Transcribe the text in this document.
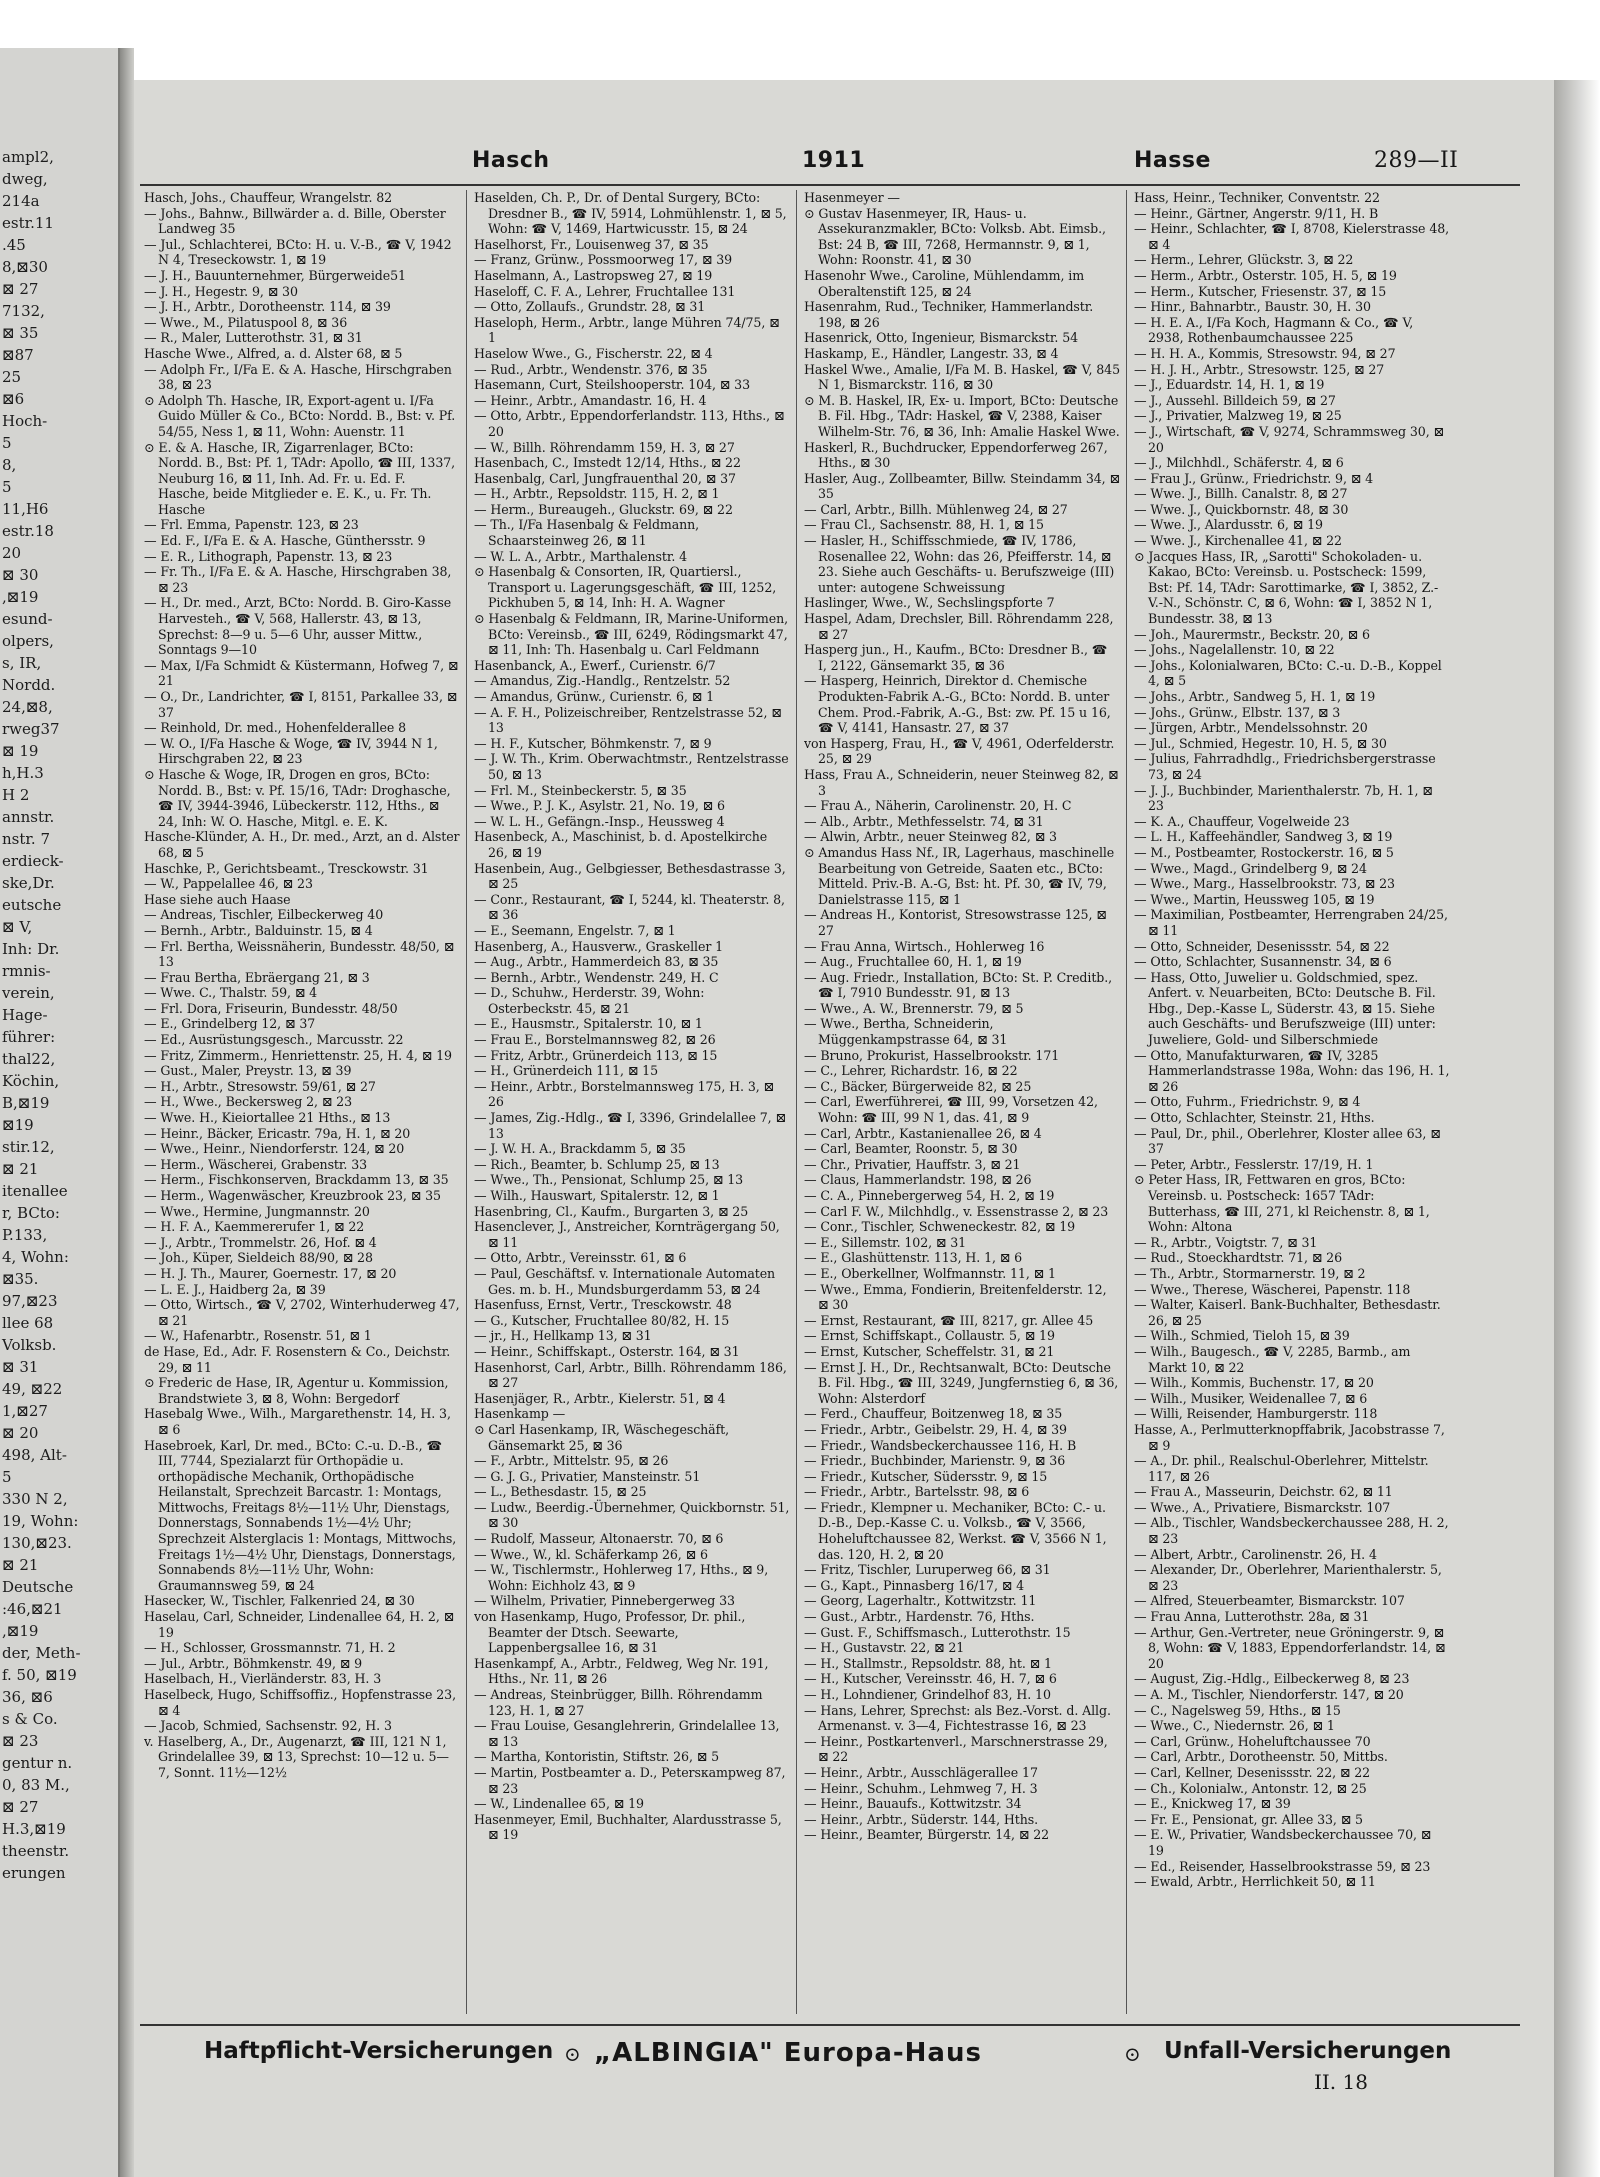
ampl2,
dweg,
214a
estr.11
.45
8,⊠30
⊠ 27
7132,
⊠ 35
⊠87
25
⊠6
Hoch-
5
8,
5
11,H6
estr.18
20
⊠ 30
,⊠19
esund-
olpers,
s, IR,
Nordd.
24,⊠8,
rweg37
⊠ 19
h,H.3
H 2
annstr.
nstr. 7
erdieck-
ske,Dr.
eutsche
⊠ V,
Inh: Dr.
rmnis-
verein,
Hage-
führer:
thal22,
Köchin,
B,⊠19
⊠19
stir.12,
⊠ 21
itenallee
r, BCto:
P.133,
4, Wohn:
⊠35.
97,⊠23
llee 68
Volksb.
⊠ 31
49, ⊠22
1,⊠27
⊠ 20
498, Alt-
5
330 N 2,
19, Wohn:
130,⊠23.
⊠ 21
Deutsche
:46,⊠21
,⊠19
der, Meth-
f. 50, ⊠19
36, ⊠6
s & Co.
⊠ 23
gentur n.
0, 83 M.,
⊠ 27
H.3,⊠19
theenstr.
erungen
Hasch	1911	Hasse	289—II

Hasch, Johs., Chauffeur, Wrangelstr. 82

— Johs., Bahnw., Billwärder a. d. Bille, Oberster Landweg 35

— Jul., Schlachterei, BCto: H. u. V.-B., ☎ V, 1942 N 4, Treseckowstr. 1, ⊠ 19

— J. H., Bauunternehmer, Bürgerweide51

— J. H., Hegestr. 9, ⊠ 30

— J. H., Arbtr., Dorotheenstr. 114, ⊠ 39

— Wwe., M., Pilatuspool 8, ⊠ 36

— R., Maler, Lutterothstr. 31, ⊠ 31

Hasche Wwe., Alfred, a. d. Alster 68, ⊠ 5

— Adolph Fr., I/Fa E. & A. Hasche, Hirschgraben 38, ⊠ 23

⊙ Adolph Th. Hasche, IR, Export-agent u. I/Fa Guido Müller & Co., BCto: Nordd. B., Bst: v. Pf. 54/55, Ness 1, ⊠ 11, Wohn: Auenstr. 11

⊙ E. & A. Hasche, IR, Zigarrenlager, BCto: Nordd. B., Bst: Pf. 1, TAdr: Apollo, ☎ III, 1337, Neuburg 16, ⊠ 11, Inh. Ad. Fr. u. Ed. F. Hasche, beide Mitglieder e. E. K., u. Fr. Th. Hasche

— Frl. Emma, Papenstr. 123, ⊠ 23

— Ed. F., I/Fa E. & A. Hasche, Günthersstr. 9

— E. R., Lithograph, Papenstr. 13, ⊠ 23

— Fr. Th., I/Fa E. & A. Hasche, Hirschgraben 38, ⊠ 23

— H., Dr. med., Arzt, BCto: Nordd. B. Giro-Kasse Harvesteh., ☎ V, 568, Hallerstr. 43, ⊠ 13, Sprechst: 8—9 u. 5—6 Uhr, ausser Mittw., Sonntags 9—10

— Max, I/Fa Schmidt & Küstermann, Hofweg 7, ⊠ 21

— O., Dr., Landrichter, ☎ I, 8151, Parkallee 33, ⊠ 37

— Reinhold, Dr. med., Hohenfelderallee 8

— W. O., I/Fa Hasche & Woge, ☎ IV, 3944 N 1, Hirschgraben 22, ⊠ 23

⊙ Hasche & Woge, IR, Drogen en gros, BCto: Nordd. B., Bst: v. Pf. 15/16, TAdr: Droghasche, ☎ IV, 3944-3946, Lübeckerstr. 112, Hths., ⊠ 24, Inh: W. O. Hasche, Mitgl. e. E. K.

Hasche-Klünder, A. H., Dr. med., Arzt, an d. Alster 68, ⊠ 5

Haschke, P., Gerichtsbeamt., Tresckowstr. 31

— W., Pappelallee 46, ⊠ 23

Hase siehe auch Haase

— Andreas, Tischler, Eilbeckerweg 40

— Bernh., Arbtr., Balduinstr. 15, ⊠ 4

— Frl. Bertha, Weissnäherin, Bundesstr. 48/50, ⊠ 13

— Frau Bertha, Ebräergang 21, ⊠ 3

— Wwe. C., Thalstr. 59, ⊠ 4

— Frl. Dora, Friseurin, Bundesstr. 48/50

— E., Grindelberg 12, ⊠ 37

— Ed., Ausrüstungsgesch., Marcusstr. 22

— Fritz, Zimmerm., Henriettenstr. 25, H. 4, ⊠ 19

— Gust., Maler, Preystr. 13, ⊠ 39

— H., Arbtr., Stresowstr. 59/61, ⊠ 27

— H., Wwe., Beckersweg 2, ⊠ 23

— Wwe. H., Kieiortallee 21 Hths., ⊠ 13

— Heinr., Bäcker, Ericastr. 79a, H. 1, ⊠ 20

— Wwe., Heinr., Niendorferstr. 124, ⊠ 20

— Herm., Wäscherei, Grabenstr. 33

— Herm., Fischkonserven, Brackdamm 13, ⊠ 35

— Herm., Wagenwäscher, Kreuzbrook 23, ⊠ 35

— Wwe., Hermine, Jungmannstr. 20

— H. F. A., Kaemmererufer 1, ⊠ 22

— J., Arbtr., Trommelstr. 26, Hof. ⊠ 4

— Joh., Küper, Sieldeich 88/90, ⊠ 28

— H. J. Th., Maurer, Goernestr. 17, ⊠ 20

— L. E. J., Haidberg 2a, ⊠ 39

— Otto, Wirtsch., ☎ V, 2702, Winterhuderweg 47, ⊠ 21

— W., Hafenarbtr., Rosenstr. 51, ⊠ 1

de Hase, Ed., Adr. F. Rosenstern & Co., Deichstr. 29, ⊠ 11

⊙ Frederic de Hase, IR, Agentur u. Kommission, Brandstwiete 3, ⊠ 8, Wohn: Bergedorf

Hasebalg Wwe., Wilh., Margarethenstr. 14, H. 3, ⊠ 6

Hasebroek, Karl, Dr. med., BCto: C.-u. D.-B., ☎ III, 7744, Spezialarzt für Orthopädie u. orthopädische Mechanik, Orthopädische Heilanstalt, Sprechzeit Barcastr. 1: Montags, Mittwochs, Freitags 8½—11½ Uhr, Dienstags, Donnerstags, Sonnabends 1½—4½ Uhr; Sprechzeit Alsterglacis 1: Montags, Mittwochs, Freitags 1½—4½ Uhr, Dienstags, Donnerstags, Sonnabends 8½—11½ Uhr, Wohn: Graumannsweg 59, ⊠ 24

Hasecker, W., Tischler, Falkenried 24, ⊠ 30

Haselau, Carl, Schneider, Lindenallee 64, H. 2, ⊠ 19

— H., Schlosser, Grossmannstr. 71, H. 2

— Jul., Arbtr., Böhmkenstr. 49, ⊠ 9

Haselbach, H., Vierländerstr. 83, H. 3

Haselbeck, Hugo, Schiffsoffiz., Hopfenstrasse 23, ⊠ 4

— Jacob, Schmied, Sachsenstr. 92, H. 3

v. Haselberg, A., Dr., Augenarzt, ☎ III, 121 N 1, Grindelallee 39, ⊠ 13, Sprechst: 10—12 u. 5—7, Sonnt. 11½—12½

Haselden, Ch. P., Dr. of Dental Surgery, BCto: Dresdner B., ☎ IV, 5914, Lohmühlenstr. 1, ⊠ 5, Wohn: ☎ V, 1469, Hartwicusstr. 15, ⊠ 24

Haselhorst, Fr., Louisenweg 37, ⊠ 35

— Franz, Grünw., Possmoorweg 17, ⊠ 39

Haselmann, A., Lastropsweg 27, ⊠ 19

Haseloff, C. F. A., Lehrer, Fruchtallee 131

— Otto, Zollaufs., Grundstr. 28, ⊠ 31

Haseloph, Herm., Arbtr., lange Mühren 74/75, ⊠ 1

Haselow Wwe., G., Fischerstr. 22, ⊠ 4

— Rud., Arbtr., Wendenstr. 376, ⊠ 35

Hasemann, Curt, Steilshooperstr. 104, ⊠ 33

— Heinr., Arbtr., Amandastr. 16, H. 4

— Otto, Arbtr., Eppendorferlandstr. 113, Hths., ⊠ 20

— W., Billh. Röhrendamm 159, H. 3, ⊠ 27

Hasenbach, C., Imstedt 12/14, Hths., ⊠ 22

Hasenbalg, Carl, Jungfrauenthal 20, ⊠ 37

— H., Arbtr., Repsoldstr. 115, H. 2, ⊠ 1

— Herm., Bureaugeh., Gluckstr. 69, ⊠ 22

— Th., I/Fa Hasenbalg & Feldmann, Schaarsteinweg 26, ⊠ 11

— W. L. A., Arbtr., Marthalenstr. 4

⊙ Hasenbalg & Consorten, IR, Quartiersl., Transport u. Lagerungsgeschäft, ☎ III, 1252, Pickhuben 5, ⊠ 14, Inh: H. A. Wagner

⊙ Hasenbalg & Feldmann, IR, Marine-Uniformen, BCto: Vereinsb., ☎ III, 6249, Rödingsmarkt 47, ⊠ 11, Inh: Th. Hasenbalg u. Carl Feldmann

Hasenbanck, A., Ewerf., Curienstr. 6/7

— Amandus, Zig.-Handlg., Rentzelstr. 52

— Amandus, Grünw., Curienstr. 6, ⊠ 1

— A. F. H., Polizeischreiber, Rentzelstrasse 52, ⊠ 13

— H. F., Kutscher, Böhmkenstr. 7, ⊠ 9

— J. W. Th., Krim. Oberwachtmstr., Rentzelstrasse 50, ⊠ 13

— Frl. M., Steinbeckerstr. 5, ⊠ 35

— Wwe., P. J. K., Asylstr. 21, No. 19, ⊠ 6

— W. L. H., Gefängn.-Insp., Heussweg 4

Hasenbeck, A., Maschinist, b. d. Apostelkirche 26, ⊠ 19

Hasenbein, Aug., Gelbgiesser, Bethesdastrasse 3, ⊠ 25

— Conr., Restaurant, ☎ I, 5244, kl. Theaterstr. 8, ⊠ 36

— E., Seemann, Engelstr. 7, ⊠ 1

Hasenberg, A., Hausverw., Graskeller 1

— Aug., Arbtr., Hammerdeich 83, ⊠ 35

— Bernh., Arbtr., Wendenstr. 249, H. C

— D., Schuhw., Herderstr. 39, Wohn: Osterbeckstr. 45, ⊠ 21

— E., Hausmstr., Spitalerstr. 10, ⊠ 1

— Frau E., Borstelmannsweg 82, ⊠ 26

— Fritz, Arbtr., Grünerdeich 113, ⊠ 15

— H., Grünerdeich 111, ⊠ 15

— Heinr., Arbtr., Borstelmannsweg 175, H. 3, ⊠ 26

— James, Zig.-Hdlg., ☎ I, 3396, Grindelallee 7, ⊠ 13

— J. W. H. A., Brackdamm 5, ⊠ 35

— Rich., Beamter, b. Schlump 25, ⊠ 13

— Wwe., Th., Pensionat, Schlump 25, ⊠ 13

— Wilh., Hauswart, Spitalerstr. 12, ⊠ 1

Hasenbring, Cl., Kaufm., Burgarten 3, ⊠ 25

Hasenclever, J., Anstreicher, Kornträgergang 50, ⊠ 11

— Otto, Arbtr., Vereinsstr. 61, ⊠ 6

— Paul, Geschäftsf. v. Internationale Automaten Ges. m. b. H., Mundsburgerdamm 53, ⊠ 24

Hasenfuss, Ernst, Vertr., Tresckowstr. 48

— G., Kutscher, Fruchtallee 80/82, H. 15

— jr., H., Hellkamp 13, ⊠ 31

— Heinr., Schiffskapt., Osterstr. 164, ⊠ 31

Hasenhorst, Carl, Arbtr., Billh. Röhrendamm 186, ⊠ 27

Hasenjäger, R., Arbtr., Kielerstr. 51, ⊠ 4

Hasenkamp —

⊙ Carl Hasenkamp, IR, Wäschegeschäft, Gänsemarkt 25, ⊠ 36

— F., Arbtr., Mittelstr. 95, ⊠ 26

— G. J. G., Privatier, Mansteinstr. 51

— L., Bethesdastr. 15, ⊠ 25

— Ludw., Beerdig.-Übernehmer, Quickbornstr. 51, ⊠ 30

— Rudolf, Masseur, Altonaerstr. 70, ⊠ 6

— Wwe., W., kl. Schäferkamp 26, ⊠ 6

— W., Tischlermstr., Hohlerweg 17, Hths., ⊠ 9, Wohn: Eichholz 43, ⊠ 9

— Wilhelm, Privatier, Pinnebergerweg 33

von Hasenkamp, Hugo, Professor, Dr. phil., Beamter der Dtsch. Seewarte, Lappenbergsallee 16, ⊠ 31

Hasenkampf, A., Arbtr., Feldweg, Weg Nr. 191, Hths., Nr. 11, ⊠ 26

— Andreas, Steinbrügger, Billh. Röhrendamm 123, H. 1, ⊠ 27

— Frau Louise, Gesanglehrerin, Grindelallee 13, ⊠ 13

— Martha, Kontoristin, Stiftstr. 26, ⊠ 5

— Martin, Postbeamter a. D., Petersкampweg 87, ⊠ 23

— W., Lindenallee 65, ⊠ 19

Hasenmeyer, Emil, Buchhalter, Alardusstrasse 5, ⊠ 19

Hasenmeyer —

⊙ Gustav Hasenmeyer, IR, Haus- u. Assekuranzmakler, BCto: Volksb. Abt. Eimsb., Bst: 24 B, ☎ III, 7268, Hermannstr. 9, ⊠ 1, Wohn: Roonstr. 41, ⊠ 30

Hasenohr Wwe., Caroline, Mühlendamm, im Oberaltenstift 125, ⊠ 24

Hasenrahm, Rud., Techniker, Hammerlandstr. 198, ⊠ 26

Hasenrick, Otto, Ingenieur, Bismarckstr. 54

Haskamp, E., Händler, Langestr. 33, ⊠ 4

Haskel Wwe., Amalie, I/Fa M. B. Haskel, ☎ V, 845 N 1, Bismarckstr. 116, ⊠ 30

⊙ M. B. Haskel, IR, Ex- u. Import, BCto: Deutsche B. Fil. Hbg., TAdr: Haskel, ☎ V, 2388, Kaiser Wilhelm-Str. 76, ⊠ 36, Inh: Amalie Haskel Wwe.

Haskerl, R., Buchdrucker, Eppendorferweg 267, Hths., ⊠ 30

Hasler, Aug., Zollbeamter, Billw. Steindamm 34, ⊠ 35

— Carl, Arbtr., Billh. Mühlenweg 24, ⊠ 27

— Frau Cl., Sachsenstr. 88, H. 1, ⊠ 15

— Hasler, H., Schiffsschmiede, ☎ IV, 1786, Rosenallee 22, Wohn: das 26, Pfeifferstr. 14, ⊠ 23. Siehe auch Geschäfts- u. Berufszweige (III) unter: autogene Schweissung

Haslinger, Wwe., W., Sechslingspforte 7

Haspel, Adam, Drechsler, Bill. Röhrendamm 228, ⊠ 27

Hasperg jun., H., Kaufm., BCto: Dresdner B., ☎ I, 2122, Gänsemarkt 35, ⊠ 36

— Hasperg, Heinrich, Direktor d. Chemische Produkten-Fabrik A.-G., BCto: Nordd. B. unter Chem. Prod.-Fabrik, A.-G., Bst: zw. Pf. 15 u 16, ☎ V, 4141, Hansastr. 27, ⊠ 37

von Hasperg, Frau, H., ☎ V, 4961, Oderfelderstr. 25, ⊠ 29

Hass, Frau A., Schneiderin, neuer Steinweg 82, ⊠ 3

— Frau A., Näherin, Carolinenstr. 20, H. C

— Alb., Arbtr., Methfesselstr. 74, ⊠ 31

— Alwin, Arbtr., neuer Steinweg 82, ⊠ 3

⊙ Amandus Hass Nf., IR, Lagerhaus, maschinelle Bearbeitung von Getreide, Saaten etc., BCto: Mitteld. Priv.-B. A.-G, Bst: ht. Pf. 30, ☎ IV, 79, Danielstrasse 115, ⊠ 1

— Andreas H., Kontorist, Stresowstrasse 125, ⊠ 27

— Frau Anna, Wirtsch., Hohlerweg 16

— Aug., Fruchtallee 60, H. 1, ⊠ 19

— Aug. Friedr., Installation, BCto: St. P. Creditb., ☎ I, 7910 Bundesstr. 91, ⊠ 13

— Wwe., A. W., Brennerstr. 79, ⊠ 5

— Wwe., Bertha, Schneiderin, Müggenkampstrasse 64, ⊠ 31

— Bruno, Prokurist, Hasselbrookstr. 171

— C., Lehrer, Richardstr. 16, ⊠ 22

— C., Bäcker, Bürgerweide 82, ⊠ 25

— Carl, Ewerführerei, ☎ III, 99, Vorsetzen 42, Wohn: ☎ III, 99 N 1, das. 41, ⊠ 9

— Carl, Arbtr., Kastanienallee 26, ⊠ 4

— Carl, Beamter, Roonstr. 5, ⊠ 30

— Chr., Privatier, Hauffstr. 3, ⊠ 21

— Claus, Hammerlandstr. 198, ⊠ 26

— C. A., Pinnebergerweg 54, H. 2, ⊠ 19

— Carl F. W., Milchhdlg., v. Essenstrasse 2, ⊠ 23

— Conr., Tischler, Schweneckestr. 82, ⊠ 19

— E., Sillemstr. 102, ⊠ 31

— E., Glashüttenstr. 113, H. 1, ⊠ 6

— E., Oberkellner, Wolfmannstr. 11, ⊠ 1

— Wwe., Emma, Fondierin, Breitenfelderstr. 12, ⊠ 30

— Ernst, Restaurant, ☎ III, 8217, gr. Allee 45

— Ernst, Schiffskapt., Collaustr. 5, ⊠ 19

— Ernst, Kutscher, Scheffelstr. 31, ⊠ 21

— Ernst J. H., Dr., Rechtsanwalt, BCto: Deutsche B. Fil. Hbg., ☎ III, 3249, Jungfernstieg 6, ⊠ 36, Wohn: Alsterdorf

— Ferd., Chauffeur, Boitzenweg 18, ⊠ 35

— Friedr., Arbtr., Geibelstr. 29, H. 4, ⊠ 39

— Friedr., Wandsbeckerchaussee 116, H. B

— Friedr., Buchbinder, Marienstr. 9, ⊠ 36

— Friedr., Kutscher, Südersstr. 9, ⊠ 15

— Friedr., Arbtr., Bartelsstr. 98, ⊠ 6

— Friedr., Klempner u. Mechaniker, BCto: C.- u. D.-B., Dep.-Kasse C. u. Volksb., ☎ V, 3566, Hoheluftchaussee 82, Werkst. ☎ V, 3566 N 1, das. 120, H. 2, ⊠ 20

— Fritz, Tischler, Luruperweg 66, ⊠ 31

— G., Kapt., Pinnasberg 16/17, ⊠ 4

— Georg, Lagerhaltr., Kottwitzstr. 11

— Gust., Arbtr., Hardenstr. 76, Hths.

— Gust. F., Schiffsmasch., Lutterothstr. 15

— H., Gustavstr. 22, ⊠ 21

— H., Stallmstr., Repsoldstr. 88, ht. ⊠ 1

— H., Kutscher, Vereinsstr. 46, H. 7, ⊠ 6

— H., Lohndiener, Grindelhof 83, H. 10

— Hans, Lehrer, Sprechst: als Bez.-Vorst. d. Allg. Armenanst. v. 3—4, Fichtestrasse 16, ⊠ 23

— Heinr., Postkartenverl., Marschnerstrasse 29, ⊠ 22

— Heinr., Arbtr., Ausschlägerallee 17

— Heinr., Schuhm., Lehmweg 7, H. 3

— Heinr., Bauaufs., Kottwitzstr. 34

— Heinr., Arbtr., Süderstr. 144, Hths.

— Heinr., Beamter, Bürgerstr. 14, ⊠ 22

Hass, Heinr., Techniker, Conventstr. 22

— Heinr., Gärtner, Angerstr. 9/11, H. B

— Heinr., Schlachter, ☎ I, 8708, Kielerstrasse 48, ⊠ 4

— Herm., Lehrer, Glückstr. 3, ⊠ 22

— Herm., Arbtr., Osterstr. 105, H. 5, ⊠ 19

— Herm., Kutscher, Friesenstr. 37, ⊠ 15

— Hinr., Bahnarbtr., Baustr. 30, H. 30

— H. E. A., I/Fa Koch, Hagmann & Co., ☎ V, 2938, Rothenbaumchaussee 225

— H. H. A., Kommis, Stresowstr. 94, ⊠ 27

— H. J. H., Arbtr., Stresowstr. 125, ⊠ 27

— J., Eduardstr. 14, H. 1, ⊠ 19

— J., Aussehl. Billdeich 59, ⊠ 27

— J., Privatier, Malzweg 19, ⊠ 25

— J., Wirtschaft, ☎ V, 9274, Schrammsweg 30, ⊠ 20

— J., Milchhdl., Schäferstr. 4, ⊠ 6

— Frau J., Grünw., Friedrichstr. 9, ⊠ 4

— Wwe. J., Billh. Canalstr. 8, ⊠ 27

— Wwe. J., Quickbornstr. 48, ⊠ 30

— Wwe. J., Alardusstr. 6, ⊠ 19

— Wwe. J., Kirchenallee 41, ⊠ 22

⊙ Jacques Hass, IR, „Sarotti" Schokoladen- u. Kakao, BCto: Vereinsb. u. Postscheck: 1599, Bst: Pf. 14, TAdr: Sarottimarke, ☎ I, 3852, Z.-V.-N., Schönstr. C, ⊠ 6, Wohn: ☎ I, 3852 N 1, Bundesstr. 38, ⊠ 13

— Joh., Maurermstr., Beckstr. 20, ⊠ 6

— Johs., Nagelallenstr. 10, ⊠ 22

— Johs., Kolonialwaren, BCto: C.-u. D.-B., Koppel 4, ⊠ 5

— Johs., Arbtr., Sandweg 5, H. 1, ⊠ 19

— Johs., Grünw., Elbstr. 137, ⊠ 3

— Jürgen, Arbtr., Mendelssohnstr. 20

— Jul., Schmied, Hegestr. 10, H. 5, ⊠ 30

— Julius, Fahrradhdlg., Friedrichsbergerstrasse 73, ⊠ 24

— J. J., Buchbinder, Marienthalerstr. 7b, H. 1, ⊠ 23

— K. A., Chauffeur, Vogelweide 23

— L. H., Kaffeehändler, Sandweg 3, ⊠ 19

— M., Postbeamter, Rostockerstr. 16, ⊠ 5

— Wwe., Magd., Grindelberg 9, ⊠ 24

— Wwe., Marg., Hasselbrookstr. 73, ⊠ 23

— Wwe., Martin, Heussweg 105, ⊠ 19

— Maximilian, Postbeamter, Herrengraben 24/25, ⊠ 11

— Otto, Schneider, Desenissstr. 54, ⊠ 22

— Otto, Schlachter, Susannenstr. 34, ⊠ 6

— Hass, Otto, Juwelier u. Goldschmied, spez. Anfert. v. Neuarbeiten, BCto: Deutsche B. Fil. Hbg., Dep.-Kasse L, Süderstr. 43, ⊠ 15. Siehe auch Geschäfts- und Berufszweige (III) unter: Juweliere, Gold- und Silberschmiede

— Otto, Manufakturwaren, ☎ IV, 3285 Hammerlandstrasse 198a, Wohn: das 196, H. 1, ⊠ 26

— Otto, Fuhrm., Friedrichstr. 9, ⊠ 4

— Otto, Schlachter, Steinstr. 21, Hths.

— Paul, Dr., phil., Oberlehrer, Kloster allee 63, ⊠ 37

— Peter, Arbtr., Fesslerstr. 17/19, H. 1

⊙ Peter Hass, IR, Fettwaren en gros, BCto: Vereinsb. u. Postscheck: 1657 TAdr: Butterhass, ☎ III, 271, kl Reichenstr. 8, ⊠ 1, Wohn: Altona

— R., Arbtr., Voigtstr. 7, ⊠ 31

— Rud., Stoeckhardtstr. 71, ⊠ 26

— Th., Arbtr., Stormarnerstr. 19, ⊠ 2

— Wwe., Therese, Wäscherei, Papenstr. 118

— Walter, Kaiserl. Bank-Buchhalter, Bethesdastr. 26, ⊠ 25

— Wilh., Schmied, Tieloh 15, ⊠ 39

— Wilh., Baugesch., ☎ V, 2285, Barmb., am Markt 10, ⊠ 22

— Wilh., Kommis, Buchenstr. 17, ⊠ 20

— Wilh., Musiker, Weidenallee 7, ⊠ 6

— Willi, Reisender, Hamburgerstr. 118

Hasse, A., Perlmutterknopffabrik, Jacobstrasse 7, ⊠ 9

— A., Dr. phil., Realschul-Oberlehrer, Mittelstr. 117, ⊠ 26

— Frau A., Masseurin, Deichstr. 62, ⊠ 11

— Wwe., A., Privatiere, Bismarckstr. 107

— Alb., Tischler, Wandsbeckerchaussee 288, H. 2, ⊠ 23

— Albert, Arbtr., Carolinenstr. 26, H. 4

— Alexander, Dr., Oberlehrer, Marienthalerstr. 5, ⊠ 23

— Alfred, Steuerbeamter, Bismarckstr. 107

— Frau Anna, Lutterothstr. 28a, ⊠ 31

— Arthur, Gen.-Vertreter, neue Gröningerstr. 9, ⊠ 8, Wohn: ☎ V, 1883, Eppendorferlandstr. 14, ⊠ 20

— August, Zig.-Hdlg., Eilbeckerweg 8, ⊠ 23

— A. M., Tischler, Niendorferstr. 147, ⊠ 20

— C., Nagelsweg 59, Hths., ⊠ 15

— Wwe., C., Niedernstr. 26, ⊠ 1

— Carl, Grünw., Hoheluftchaussee 70

— Carl, Arbtr., Dorotheenstr. 50, Mittbs.

— Carl, Kellner, Desenissstr. 22, ⊠ 22

— Ch., Kolonialw., Antonstr. 12, ⊠ 25

— E., Knickweg 17, ⊠ 39

— Fr. E., Pensionat, gr. Allee 33, ⊠ 5

— E. W., Privatier, Wandsbeckerchaussee 70, ⊠ 19

— Ed., Reisender, Hasselbrookstrasse 59, ⊠ 23

— Ewald, Arbtr., Herrlichkeit 50, ⊠ 11

Haftpflicht-Versicherungen ⊙ „ALBINGIA" Europa-Haus	⊙ Unfall-Versicherungen
II. 18
